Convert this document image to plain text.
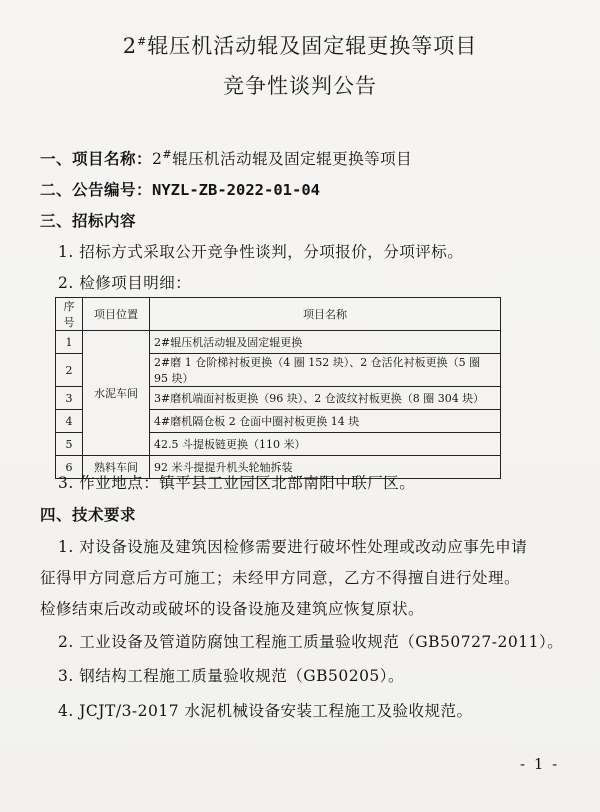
2#辊压机活动辊及固定辊更换等项目
竞争性谈判公告
一、项目名称：2#辊压机活动辊及固定辊更换等项目
二、公告编号：NYZL-ZB-2022-01-04
三、招标内容
1. 招标方式采取公开竞争性谈判，分项报价，分项评标。
2. 检修项目明细：
序号	项目位置	项目名称
1	水泥车间	2#辊压机活动辊及固定辊更换
2		2#磨 1 仓阶梯衬板更换（4 圈 152 块）、2 仓活化衬板更换（5 圈 95 块）
3		3#磨机端面衬板更换（96 块）、2 仓波纹衬板更换（8 圈 304 块）
4		4#磨机隔仓板 2 仓面中圈衬板更换 14 块
5		42.5 斗提板链更换（110 米）
6	熟料车间	92 米斗提提升机头轮轴拆装
3. 作业地点：镇平县工业园区北部南阳中联厂区。
四、技术要求
1. 对设备设施及建筑因检修需要进行破坏性处理或改动应事先申请
征得甲方同意后方可施工；未经甲方同意，乙方不得擅自进行处理。
检修结束后改动或破坏的设备设施及建筑应恢复原状。
2. 工业设备及管道防腐蚀工程施工质量验收规范（GB50727-2011）。
3. 钢结构工程施工质量验收规范（GB50205）。
4. JCJT/3-2017 水泥机械设备安装工程施工及验收规范。
- 1 -
